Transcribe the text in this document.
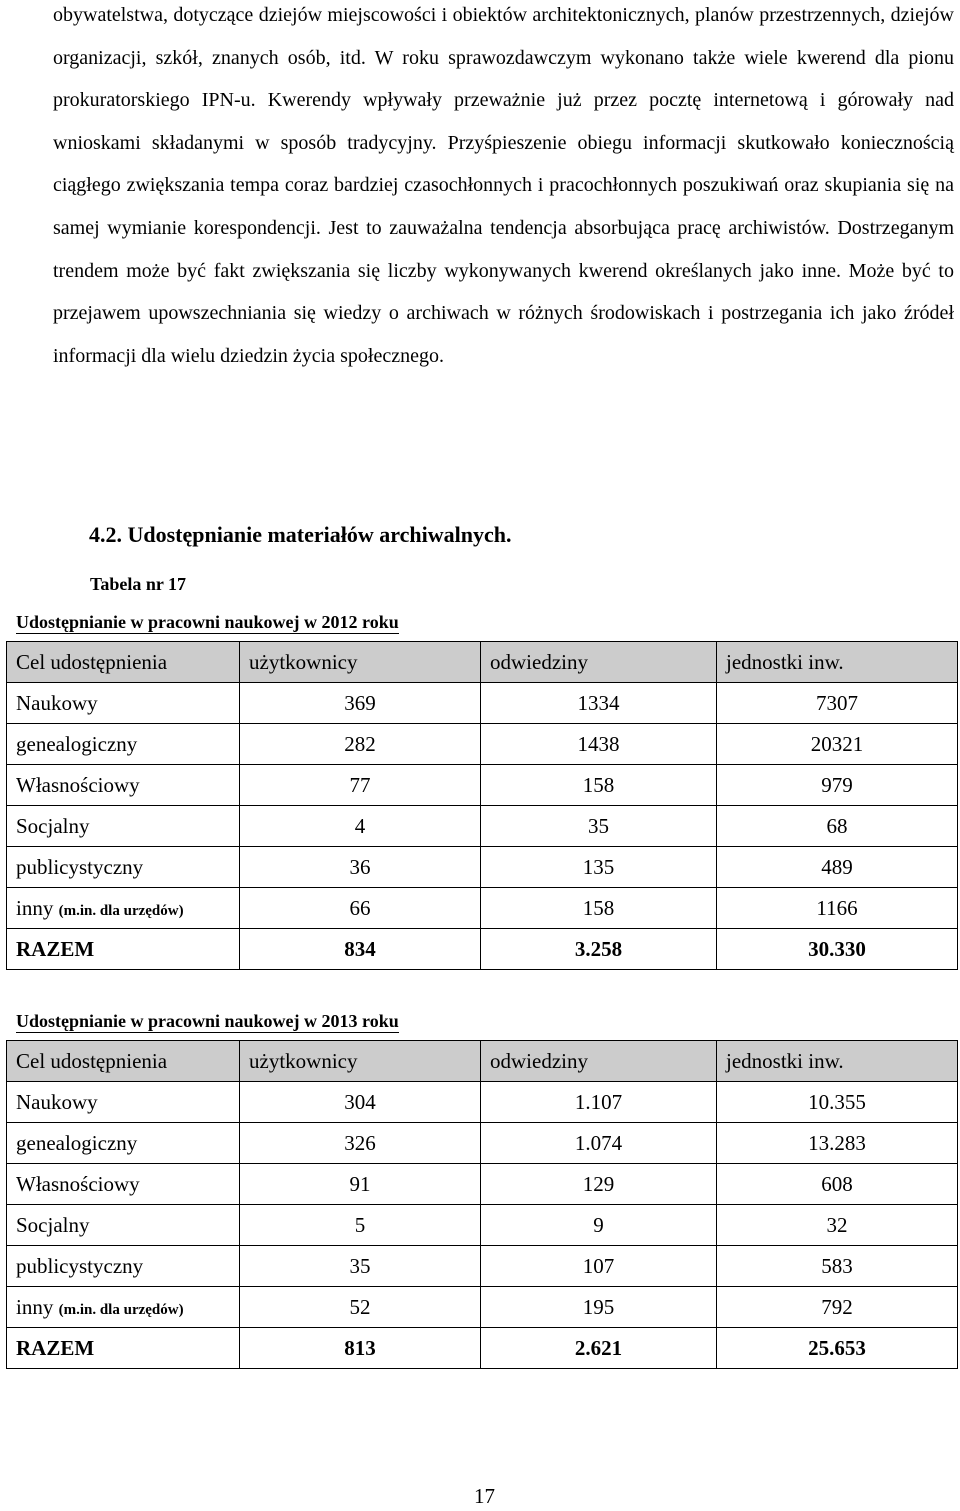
obywatelstwa, dotyczące dziejów miejscowości i obiektów architektonicznych, planów przestrzennych, dziejów organizacji, szkół, znanych osób, itd. W roku sprawozdawczym wykonano także wiele kwerend dla pionu prokuratorskiego IPN-u. Kwerendy wpływały przeważnie już przez pocztę internetową i górowały nad wnioskami składanymi w sposób tradycyjny. Przyśpieszenie obiegu informacji skutkowało koniecznością ciągłego zwiększania tempa coraz bardziej czasochłonnych i pracochłonnych poszukiwań oraz skupiania się na samej wymianie korespondencji. Jest to zauważalna tendencja absorbująca pracę archiwistów. Dostrzeganym trendem może być fakt zwiększania się liczby wykonywanych kwerend określanych jako inne. Może być to przejawem upowszechniania się wiedzy o archiwach w różnych środowiskach i postrzegania ich jako źródeł informacji dla wielu dziedzin życia społecznego.

4.2. Udostępnianie materiałów archiwalnych.

Tabela nr 17

Udostępnianie w pracowni naukowej w 2012 roku

Cel udostępnienia	użytkownicy	odwiedziny	jednostki inw.
Naukowy	369	1334	7307
genealogiczny	282	1438	20321
Własnościowy	77	158	979
Socjalny	4	35	68
publicystyczny	36	135	489
inny (m.in. dla urzędów)	66	158	1166
RAZEM	834	3.258	30.330

Udostępnianie w pracowni naukowej w 2013 roku

Cel udostępnienia	użytkownicy	odwiedziny	jednostki inw.
Naukowy	304	1.107	10.355
genealogiczny	326	1.074	13.283
Własnościowy	91	129	608
Socjalny	5	9	32
publicystyczny	35	107	583
inny (m.in. dla urzędów)	52	195	792
RAZEM	813	2.621	25.653

17
